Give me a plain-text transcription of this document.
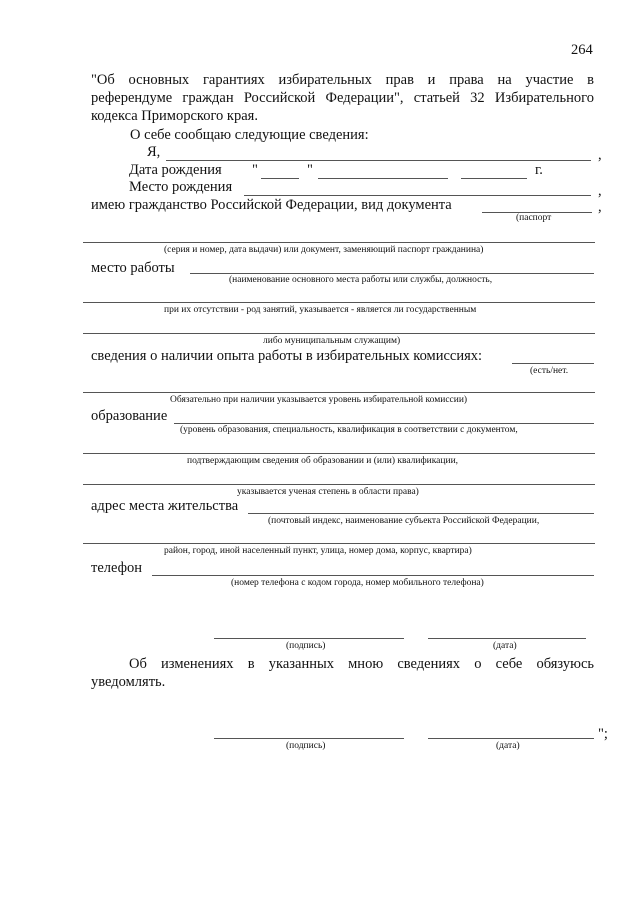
264
"Об основных гарантиях избирательных прав и права на участие в
референдуме граждан Российской Федерации", статьей 32 Избирательного
кодекса Приморского края.
О себе сообщаю следующие сведения:
Я,	,
Дата рождения "	"	г.
Место рождения	,
имею гражданство Российской Федерации, вид документа	,
(паспорт
(серия и номер, дата выдачи) или документ, заменяющий паспорт гражданина)
место работы
(наименование основного места работы или службы, должность,
при их отсутствии - род занятий, указывается - является ли государственным
либо муниципальным служащим)
сведения о наличии опыта работы в избирательных комиссиях:
(есть/нет.
Обязательно при наличии указывается уровень избирательной комиссии)
образование
(уровень образования, специальность, квалификация в соответствии с документом,
подтверждающим сведения об образовании и (или) квалификации,
указывается ученая степень в области права)
адрес места жительства
(почтовый индекс, наименование субъекта Российской Федерации,
район, город, иной населенный пункт, улица, номер дома, корпус, квартира)
телефон
(номер телефона с кодом города, номер мобильного телефона)
(подпись)	(дата)
Об изменениях в указанных мною сведениях о себе обязуюсь
уведомлять.
(подпись)	(дата)
";
